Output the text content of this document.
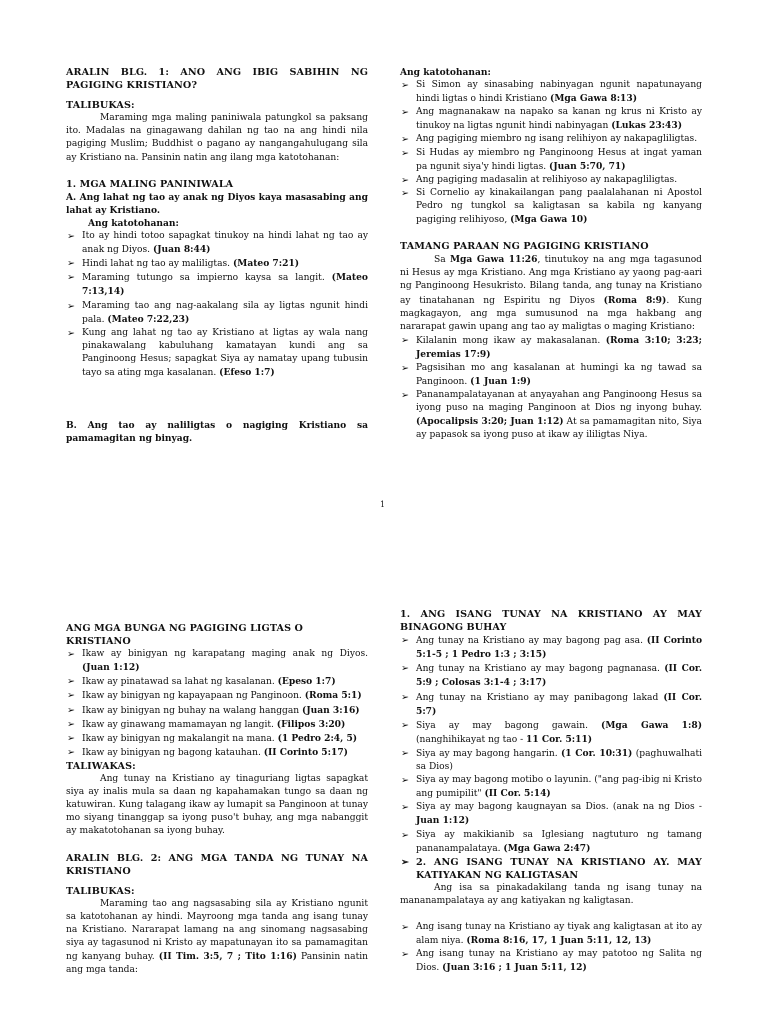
ARALIN BLG. 1: ANO ANG IBIG SABIHIN NG PAGIGING KRISTIANO?
TALIBUKAS:
Maraming mga maling paniniwala patungkol sa paksang ito. Madalas na ginagawang dahilan ng tao na ang hindi nila pagiging Muslim; Buddhist o pagano ay nangangahulugang sila ay Kristiano na. Pansinin natin ang ilang mga katotohanan:
1. MGA MALING PANINIWALA
A. Ang lahat ng tao ay anak ng Diyos kaya masasabing ang lahat ay Kristiano.
Ang katotohanan:
➢ Ito ay hindi totoo sapagkat tinukoy na hindi lahat ng tao ay anak ng Diyos. (Juan 8:44)
➢ Hindi lahat ng tao ay maliligtas. (Mateo 7:21)
➢ Maraming tutungo sa impierno kaysa sa langit. (Mateo 7:13,14)
➢ Maraming tao ang nag-aakalang sila ay ligtas ngunit hindi pala. (Mateo 7:22,23)
➢ Kung ang lahat ng tao ay Kristiano at ligtas ay wala nang pinakawalang kabuluhang kamatayan kundi ang sa Panginoong Hesus; sapagkat Siya ay namatay upang tubusin tayo sa ating mga kasalanan. (Efeso 1:7)
B. Ang tao ay naliligtas o nagiging Kristiano sa pamamagitan ng binyag.
Ang katotohanan:
➢ Si Simon ay sinasabing nabinyagan ngunit napatunayang hindi ligtas o hindi Kristiano (Mga Gawa 8:13)
➢ Ang magnanakaw na napako sa kanan ng krus ni Kristo ay tinukoy na ligtas ngunit hindi nabinyagan (Lukas 23:43)
➢ Ang pagiging miembro ng isang relihiyon ay nakapagliligtas.
➢ Si Hudas ay miembro ng Panginoong Hesus at ingat yaman pa ngunit siya'y hindi ligtas. (Juan 5:70, 71)
➢ Ang pagiging madasalin at relihiyoso ay nakapagliligtas.
➢ Si Cornelio ay kinakailangan pang paalalahanan ni Apostol Pedro ng tungkol sa kaligtasan sa kabila ng kanyang pagiging relihiyoso, (Mga Gawa 10)
TAMANG PARAAN NG PAGIGING KRISTIANO
Sa Mga Gawa 11:26, tinutukoy na ang mga tagasunod ni Hesus ay mga Kristiano. Ang mga Kristiano ay yaong pag-aari ng Panginoong Hesukristo. Bilang tanda, ang tunay na Kristiano ay tinatahanan ng Espiritu ng Diyos (Roma 8:9). Kung magkagayon, ang mga sumusunod na mga hakbang ang nararapat gawin upang ang tao ay maligtas o maging Kristiano:
➢ Kilalanin mong ikaw ay makasalanan. (Roma 3:10; 3:23; Jeremias 17:9)
➢ Pagsisihan mo ang kasalanan at humingi ka ng tawad sa Panginoon. (1 Juan 1:9)
➢ Pananampalatayanan at anyayahan ang Panginoong Hesus sa iyong puso na maging Panginoon at Dios ng inyong buhay. (Apocalipsis 3:20; Juan 1:12) At sa pamamagitan nito, Siya ay papasok sa iyong puso at ikaw ay ililigtas Niya.
1
ANG MGA BUNGA NG PAGIGING LIGTAS O KRISTIANO
➢ Ikaw ay binigyan ng karapatang maging anak ng Diyos. (Juan 1:12)
➢ Ikaw ay pinatawad sa lahat ng kasalanan. (Epeso 1:7)
➢ Ikaw ay binigyan ng kapayapaan ng Panginoon. (Roma 5:1)
➢ Ikaw ay binigyan ng buhay na walang hanggan (Juan 3:16)
➢ Ikaw ay ginawang mamamayan ng langit. (Filipos 3:20)
➢ Ikaw ay binigyan ng makalangit na mana. (1 Pedro 2:4, 5)
➢ Ikaw ay binigyan ng bagong katauhan. (II Corinto 5:17)
TALIWAKAS:
Ang tunay na Kristiano ay tinaguriang ligtas sapagkat siya ay inalis mula sa daan ng kapahamakan tungo sa daan ng katuwiran. Kung talagang ikaw ay lumapit sa Panginoon at tunay mo siyang tinanggap sa iyong puso't buhay, ang mga nabanggit ay makatotohanan sa iyong buhay.
ARALIN BLG. 2: ANG MGA TANDA NG TUNAY NA KRISTIANO
TALIBUKAS:
Maraming tao ang nagsasabing sila ay Kristiano ngunit sa katotohanan ay hindi. Mayroong mga tanda ang isang tunay na Kristiano. Nararapat lamang na ang sinomang nagsasabing siya ay tagasunod ni Kristo ay mapatunayan ito sa pamamagitan ng kanyang buhay. (II Tim. 3:5, 7 ; Tito 1:16) Pansinin natin ang mga tanda:
1. ANG ISANG TUNAY NA KRISTIANO AY MAY BINAGONG BUHAY
➢ Ang tunay na Kristiano ay may bagong pag asa. (II Corinto 5:1-5 ; 1 Pedro 1:3 ; 3:15)
➢ Ang tunay na Kristiano ay may bagong pagnanasa. (II Cor. 5:9 ; Colosas 3:1-4 ; 3:17)
➢ Ang tunay na Kristiano ay may panibagong lakad (II Cor. 5:7)
➢ Siya ay may bagong gawain. (Mga Gawa 1:8) (nanghihikayat ng tao - 11 Cor. 5:11)
➢ Siya ay may bagong hangarin. (1 Cor. 10:31) (paghuwalhati sa Dios)
➢ Siya ay may bagong motibo o layunin. ("ang pag-ibig ni Kristo ang pumipilit" (II Cor. 5:14)
➢ Siya ay may bagong kaugnayan sa Dios. (anak na ng Dios - Juan 1:12)
➢ Siya ay makikianib sa Iglesiang nagtuturo ng tamang pananampalataya. (Mga Gawa 2:47)
➢ 2. ANG ISANG TUNAY NA KRISTIANO AY. MAY KATIYAKAN NG KALIGTASAN
Ang isa sa pinakadakilang tanda ng isang tunay na mananampalataya ay ang katiyakan ng kaligtasan.
➢ Ang isang tunay na Kristiano ay tiyak ang kaligtasan at ito ay alam niya. (Roma 8:16, 17, 1 Juan 5:11, 12, 13)
➢ Ang isang tunay na Kristiano ay may patotoo ng Salita ng Dios. (Juan 3:16 ; 1 Juan 5:11, 12)
